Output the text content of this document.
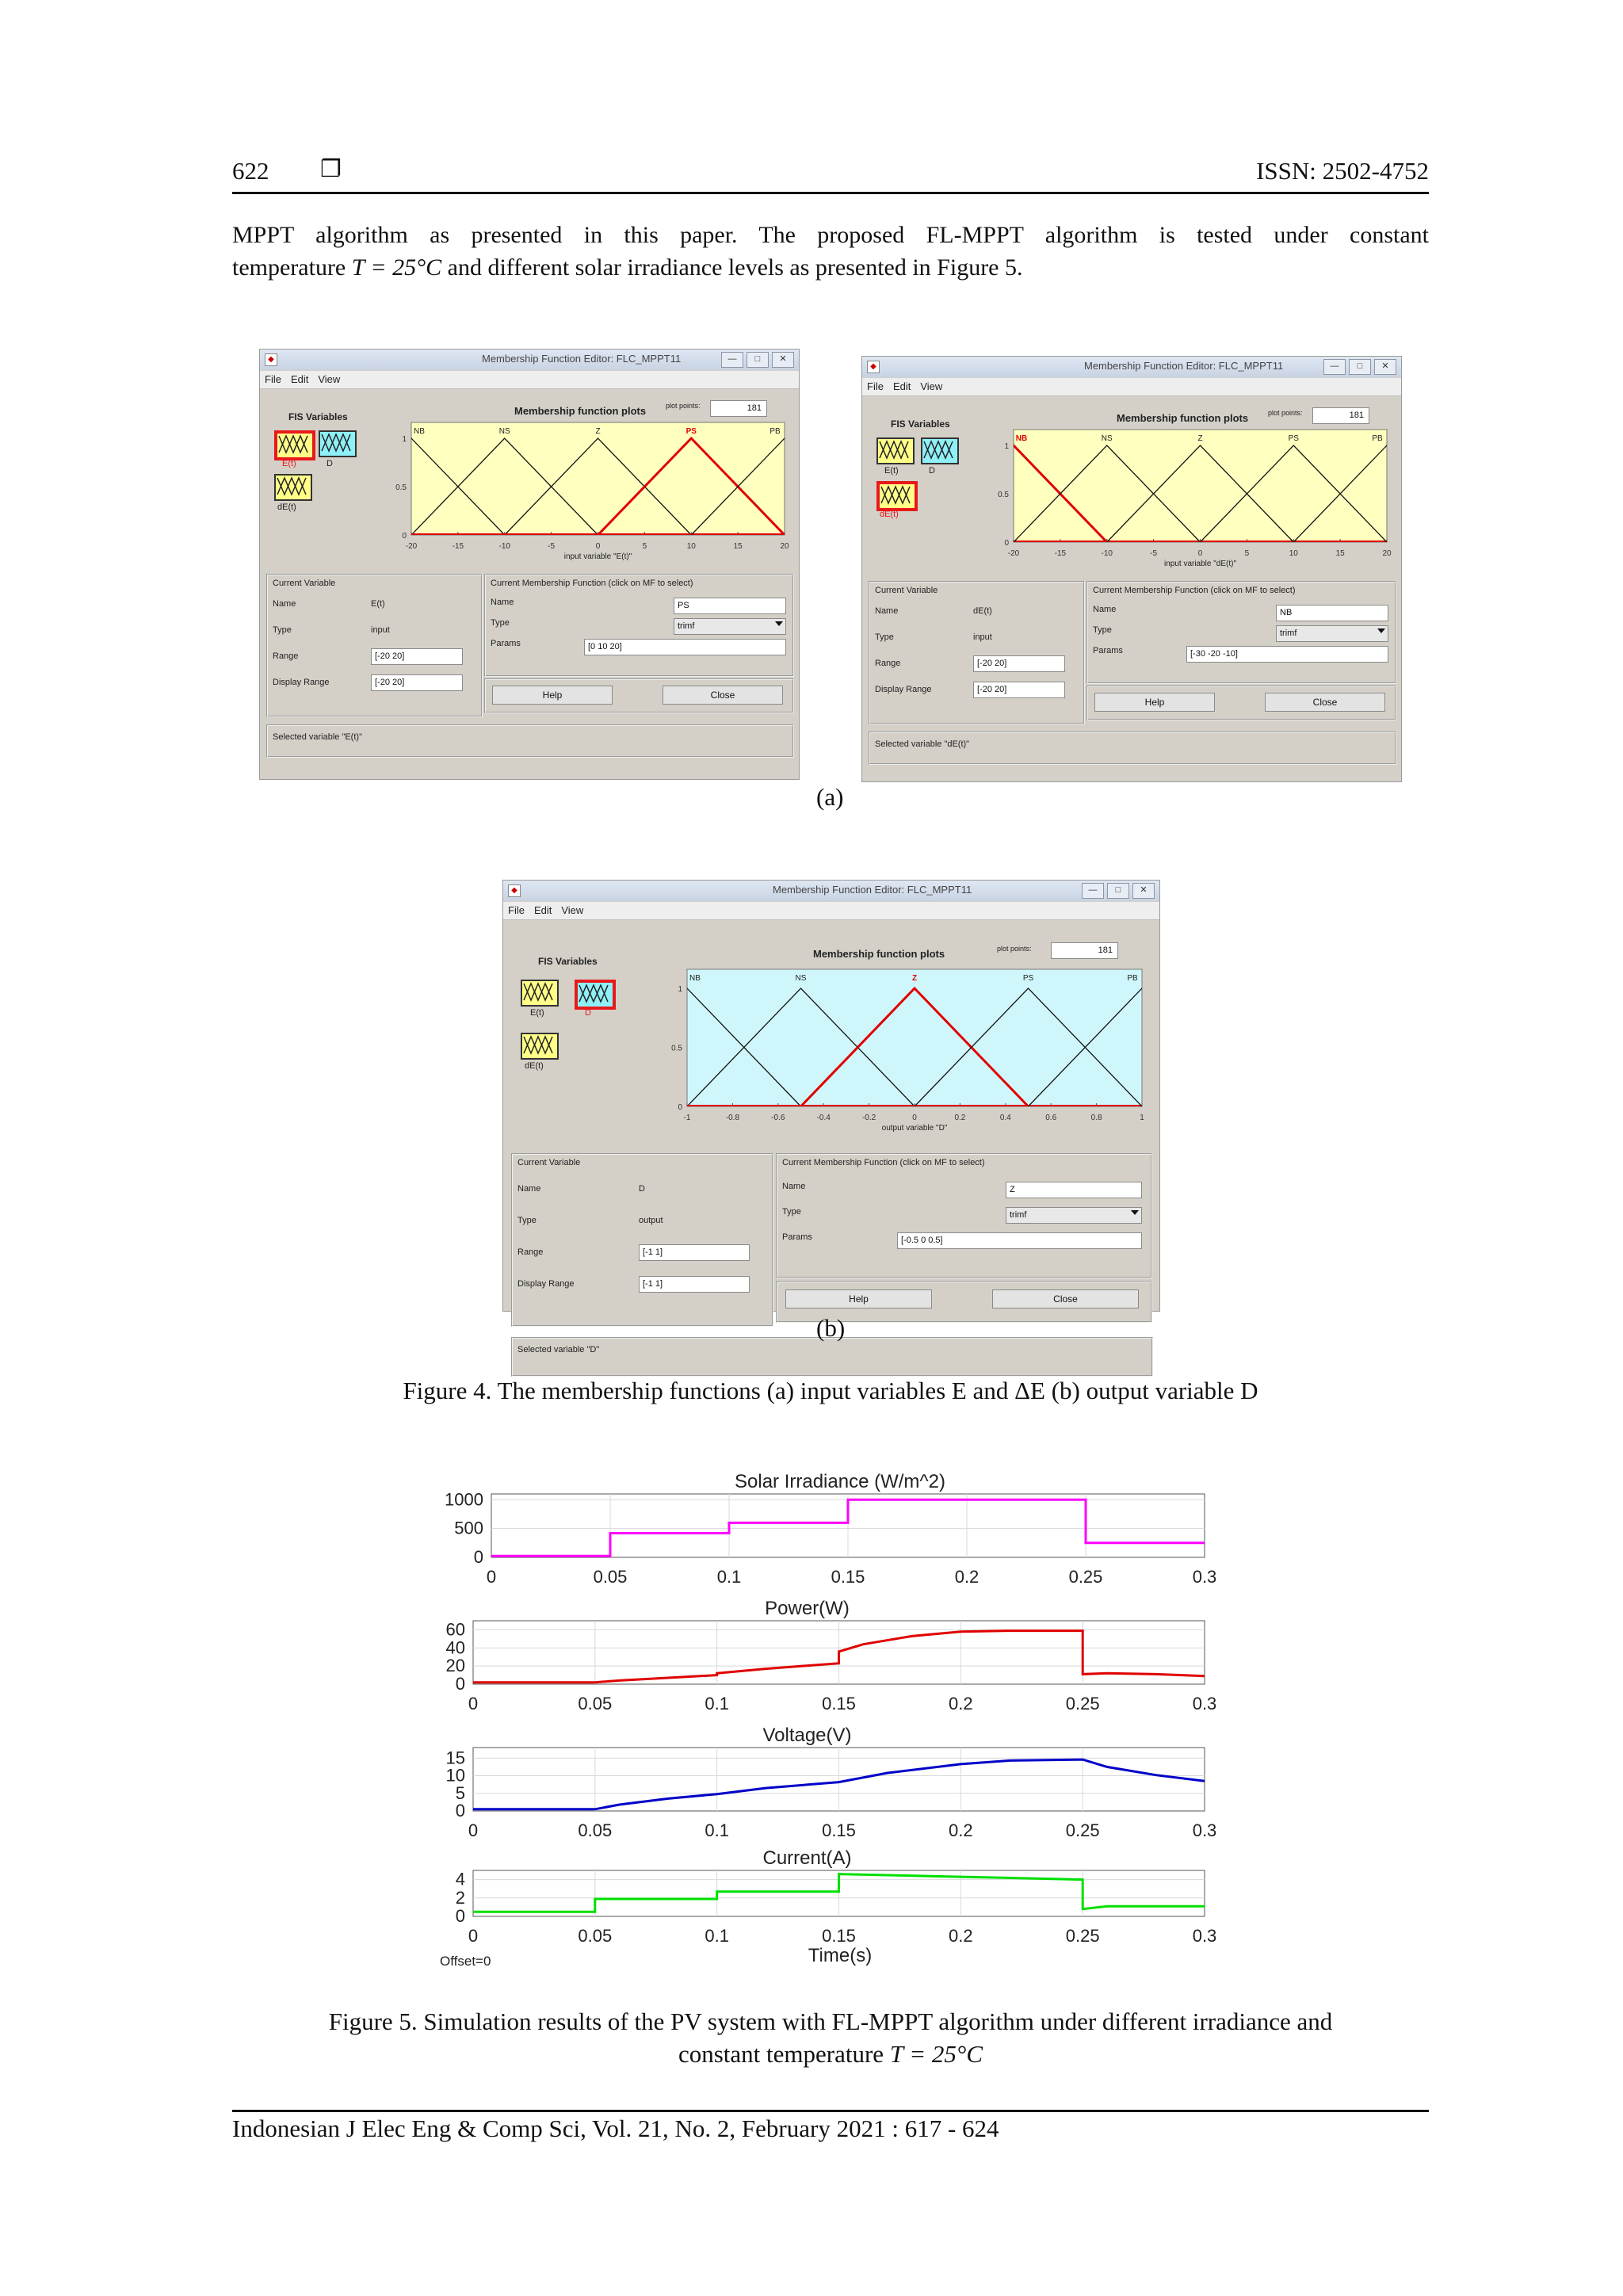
622 ❐	ISSN: 2502-4752
MPPT algorithm as presented in this paper. The proposed FL-MPPT algorithm is tested under constant
temperature T = 25°C and different solar irradiance levels as presented in Figure 5.
◆	Membership Function Editor: FLC_MPPT11	—	□	✕
File Edit View
FIS Variables
E(t)	D
dE(t)
Membership function plots	plot points:	181
-20	-15	-10	-5	0	5	10	15	20
0
0.5
1
input variable "E(t)"
NB	NS	Z	PS	PB
Current Variable
Name	E(t)
Type	input
Range	[-20 20]
Display Range	[-20 20]
Current Membership Function (click on MF to select)
Name	PS
Type	trimf
Params	[0 10 20]
Help	Close
Selected variable "E(t)"
◆	Membership Function Editor: FLC_MPPT11	—	□	✕
File Edit View
FIS Variables
E(t)	D
dE(t)
Membership function plots	plot points:	181
-20	-15	-10	-5	0	5	10	15	20
0
0.5
1
input variable "dE(t)"
NB	NS	Z	PS	PB
Current Variable
Name	dE(t)
Type	input
Range	[-20 20]
Display Range	[-20 20]
Current Membership Function (click on MF to select)
Name	NB
Type	trimf
Params	[-30 -20 -10]
Help	Close
Selected variable "dE(t)"
(a)
◆	Membership Function Editor: FLC_MPPT11	—	□	✕
File Edit View
FIS Variables
E(t)	D
dE(t)
Membership function plots	plot points:	181
-1	-0.8	-0.6	-0.4	-0.2	0	0.2	0.4	0.6	0.8	1
0
0.5
1
output variable "D"
NB	NS	Z	PS	PB
Current Variable
Name	D
Type	output
Range	[-1 1]
Display Range	[-1 1]
Current Membership Function (click on MF to select)
Name	Z
Type	trimf
Params	[-0.5 0 0.5]
Help	Close
Selected variable "D"
(b)
Figure 4. The membership functions (a) input variables E and ΔE (b) output variable D
0	0.05	0.1	0.15	0.2	0.25	0.3
0
500
1000
Solar Irradiance (W/m^2)
0	0.05	0.1	0.15	0.2	0.25	0.3
0
20
40
60
Power(W)
0	0.05	0.1	0.15	0.2	0.25	0.3
0
5
10
15
Voltage(V)
0	0.05	0.1	0.15	0.2	0.25	0.3
0
2
4
Current(A)
Offset=0	Time(s)
Figure 5. Simulation results of the PV system with FL-MPPT algorithm under different irradiance and
constant temperature T = 25°C
Indonesian J Elec Eng & Comp Sci, Vol. 21, No. 2, February 2021 : 617 - 624
